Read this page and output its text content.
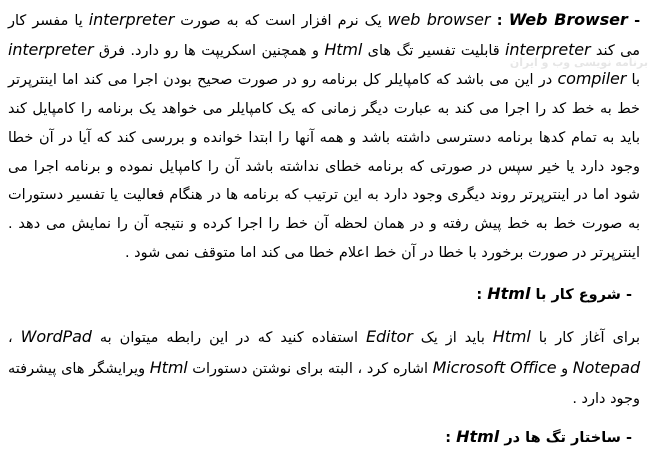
برنامه نویسی وب و ایران

- Web Browser : web browser یک نرم افزار است که به صورت interpreter یا مفسر کار می کند interpreter قابلیت تفسیر تگ های Html و همچنین اسکریپت ها رو دارد. فرق interpreter با compiler در این می باشد که کامپایلر کل برنامه رو در صورت صحیح بودن اجرا می کند اما اینترپرتر خط به خط کد را اجرا می کند به عبارت دیگر زمانی که یک کامپایلر می خواهد یک برنامه را کامپایل کند باید به تمام کدها برنامه دسترسی داشته باشد و همه آنها را ابتدا خوانده و بررسی کند که آیا در آن خطا وجود دارد یا خیر سپس در صورتی که برنامه خطای نداشته باشد آن را کامپایل نموده و برنامه اجرا می شود اما در اینترپرتر روند دیگری وجود دارد به این ترتیب که برنامه ها در هنگام فعالیت یا تفسیر دستورات به صورت خط به خط پیش رفته و در همان لحظه آن خط را اجرا کرده و نتیجه آن را نمایش می دهد . اینترپرتر در صورت برخورد با خطا در آن خط اعلام خطا می کند اما متوقف نمی شود .

- شروع کار با Html :

برای آغاز کار با Html باید از یک Editor استفاده کنید که در این رابطه میتوان به WordPad ، Notepad و Microsoft Office اشاره کرد ، البته برای نوشتن دستورات Html ویرایشگر های پیشرفته وجود دارد .

- ساختار تگ ها در Html :
